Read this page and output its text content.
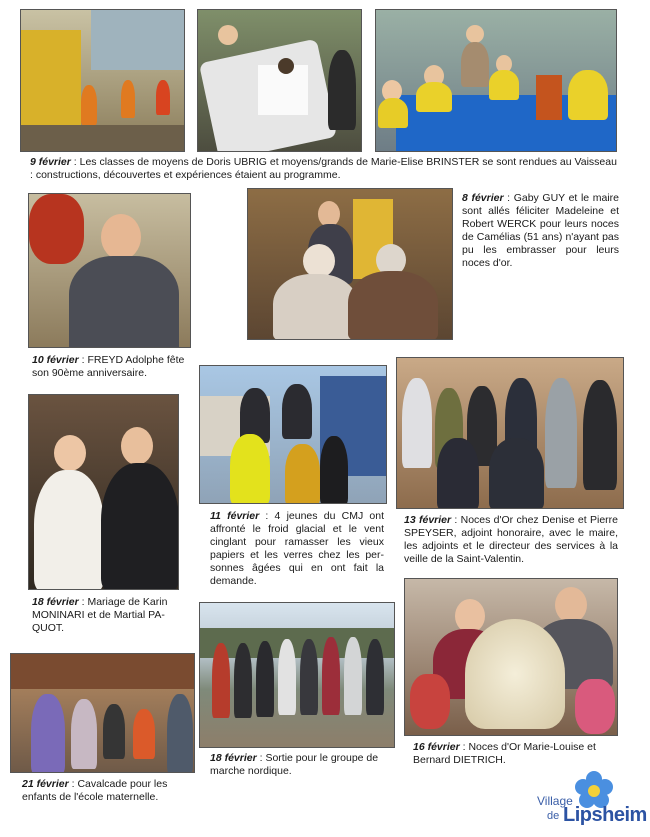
9 février : Les classes de moyens de Doris UBRIG et moyens/grands de Marie-Elise BRINSTER se sont rendues au Vaisseau : constructions, découvertes et expériences étaient au programme.

8 février : Gaby GUY et le maire sont allés féliciter Madeleine et Robert WERCK pour leurs noces de Camélias (51 ans) n'ayant pas pu les embrasser pour leurs noces d'or.

10 février : FREYD Adolphe fête son 90ème anniversaire.

11 février : 4 jeunes du CMJ ont affronté le froid glacial et le vent cinglant pour ramasser les vieux papiers et les verres chez les personnes âgées qui en ont fait la demande.

13 février : Noces d'Or chez Denise et Pierre SPEYSER, adjoint honoraire, avec le maire, les adjoints et le directeur des services à la veille de la Saint-Valentin.

18 février : Mariage de Karin MONINARI et de Martial PAQUOT.

18 février : Sortie pour le groupe de marche nordique.

16 février : Noces d'Or Marie-Louise et Bernard DIETRICH.

21 février : Cavalcade pour les enfants de l'école maternelle.	Village
de Lipsheim
